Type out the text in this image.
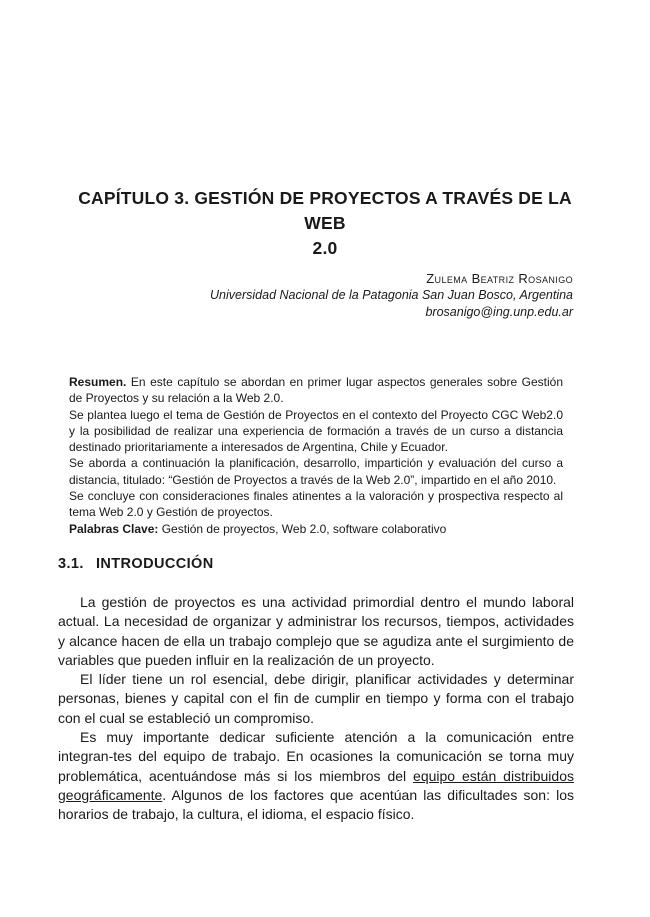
CAPÍTULO 3. GESTIÓN DE PROYECTOS A TRAVÉS DE LA WEB
2.0
Zulema Beatriz Rosanigo
Universidad Nacional de la Patagonia San Juan Bosco, Argentina
brosanigo@ing.unp.edu.ar

Resumen. En este capítulo se abordan en primer lugar aspectos generales sobre Gestión de Proyectos y su relación a la Web 2.0.

Se plantea luego el tema de Gestión de Proyectos en el contexto del Proyecto CGC Web2.0 y la posibilidad de realizar una experiencia de formación a través de un curso a distancia destinado prioritariamente a interesados de Argentina, Chile y Ecuador.

Se aborda a continuación la planificación, desarrollo, impartición y evaluación del curso a distancia, titulado: “Gestión de Proyectos a través de la Web 2.0”, impartido en el año 2010.

Se concluye con consideraciones finales atinentes a la valoración y prospectiva respecto al tema Web 2.0 y Gestión de proyectos.

Palabras Clave: Gestión de proyectos, Web 2.0, software colaborativo

3.1. INTRODUCCIÓN

La gestión de proyectos es una actividad primordial dentro el mundo laboral actual. La necesidad de organizar y administrar los recursos, tiempos, actividades y alcance hacen de ella un trabajo complejo que se agudiza ante el surgimiento de variables que pueden influir en la realización de un proyecto.

El líder tiene un rol esencial, debe dirigir, planificar actividades y determinar personas, bienes y capital con el fin de cumplir en tiempo y forma con el trabajo con el cual se estableció un compromiso.

Es muy importante dedicar suficiente atención a la comunicación entre integran-tes del equipo de trabajo. En ocasiones la comunicación se torna muy problemática, acentuándose más si los miembros del equipo están distribuidos geográficamente. Algunos de los factores que acentúan las dificultades son: los horarios de trabajo, la cultura, el idioma, el espacio físico.
